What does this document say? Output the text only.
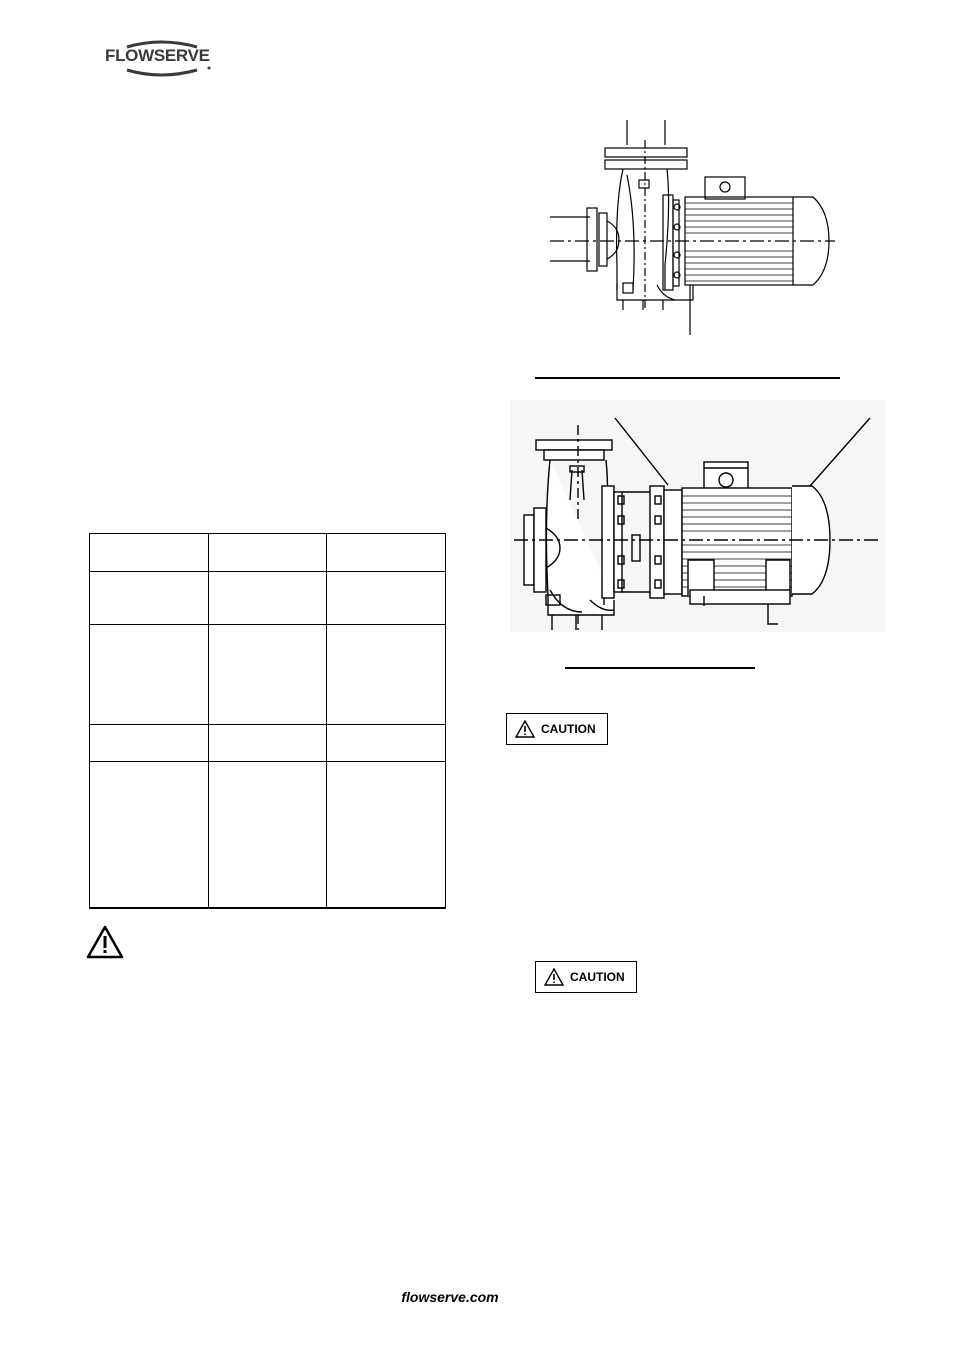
FLOWSERVE

CAUTION
CAUTION
flowserve.com
